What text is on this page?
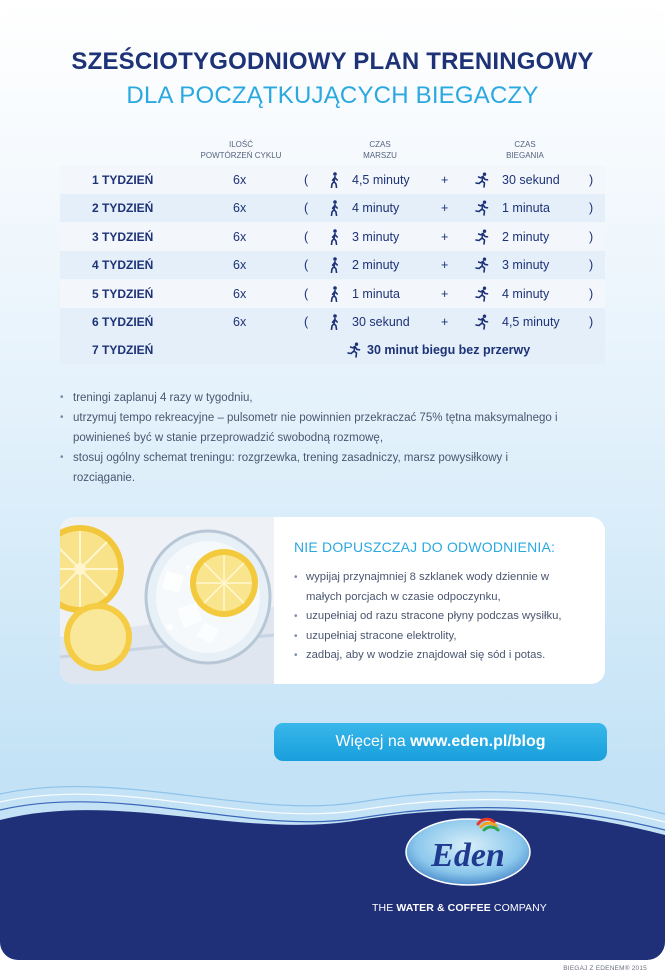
SZEŚCIOTYGODNIOWY PLAN TRENINGOWY
DLA POCZĄTKUJĄCYCH BIEGACZY
ILOŚĆ
POWTÓRZEŃ CYKLU
CZAS
MARSZU
CZAS
BIEGANIA
1 TYDZIEŃ	6x	(	4,5 minuty	+	30 sekund )
2 TYDZIEŃ	6x	(	4 minuty	+	1 minuta	)
3 TYDZIEŃ	6x	(	3 minuty	+	2 minuty	)
4 TYDZIEŃ	6x	(	2 minuty	+	3 minuty	)
5 TYDZIEŃ	6x	(	1 minuta	+	4 minuty	)
6 TYDZIEŃ	6x	(	30 sekund	+	4,5 minuty )
7 TYDZIEŃ	30 minut biegu bez przerwy
• treningi zaplanuj 4 razy w tygodniu,
• utrzymuj tempo rekreacyjne – pulsometr nie powinnien przekraczać 75% tętna maksymalnego i powinieneś być w stanie przeprowadzić swobodną rozmowę,
• stosuj ogólny schemat treningu: rozgrzewka, trening zasadniczy, marsz powysiłkowy i rozciąganie.
NIE DOPUSZCZAJ DO ODWODNIENIA:
• wypijaj przynajmniej 8 szklanek wody dziennie w małych porcjach w czasie odpoczynku,
• uzupełniaj od razu stracone płyny podczas wysiłku,
• uzupełniaj stracone elektrolity,
• zadbaj, aby w wodzie znajdował się sód i potas.
Więcej na www.eden.pl/blog
Eden
THE WATER & COFFEE COMPANY
BIEGAJ Z EDENEM® 2015
